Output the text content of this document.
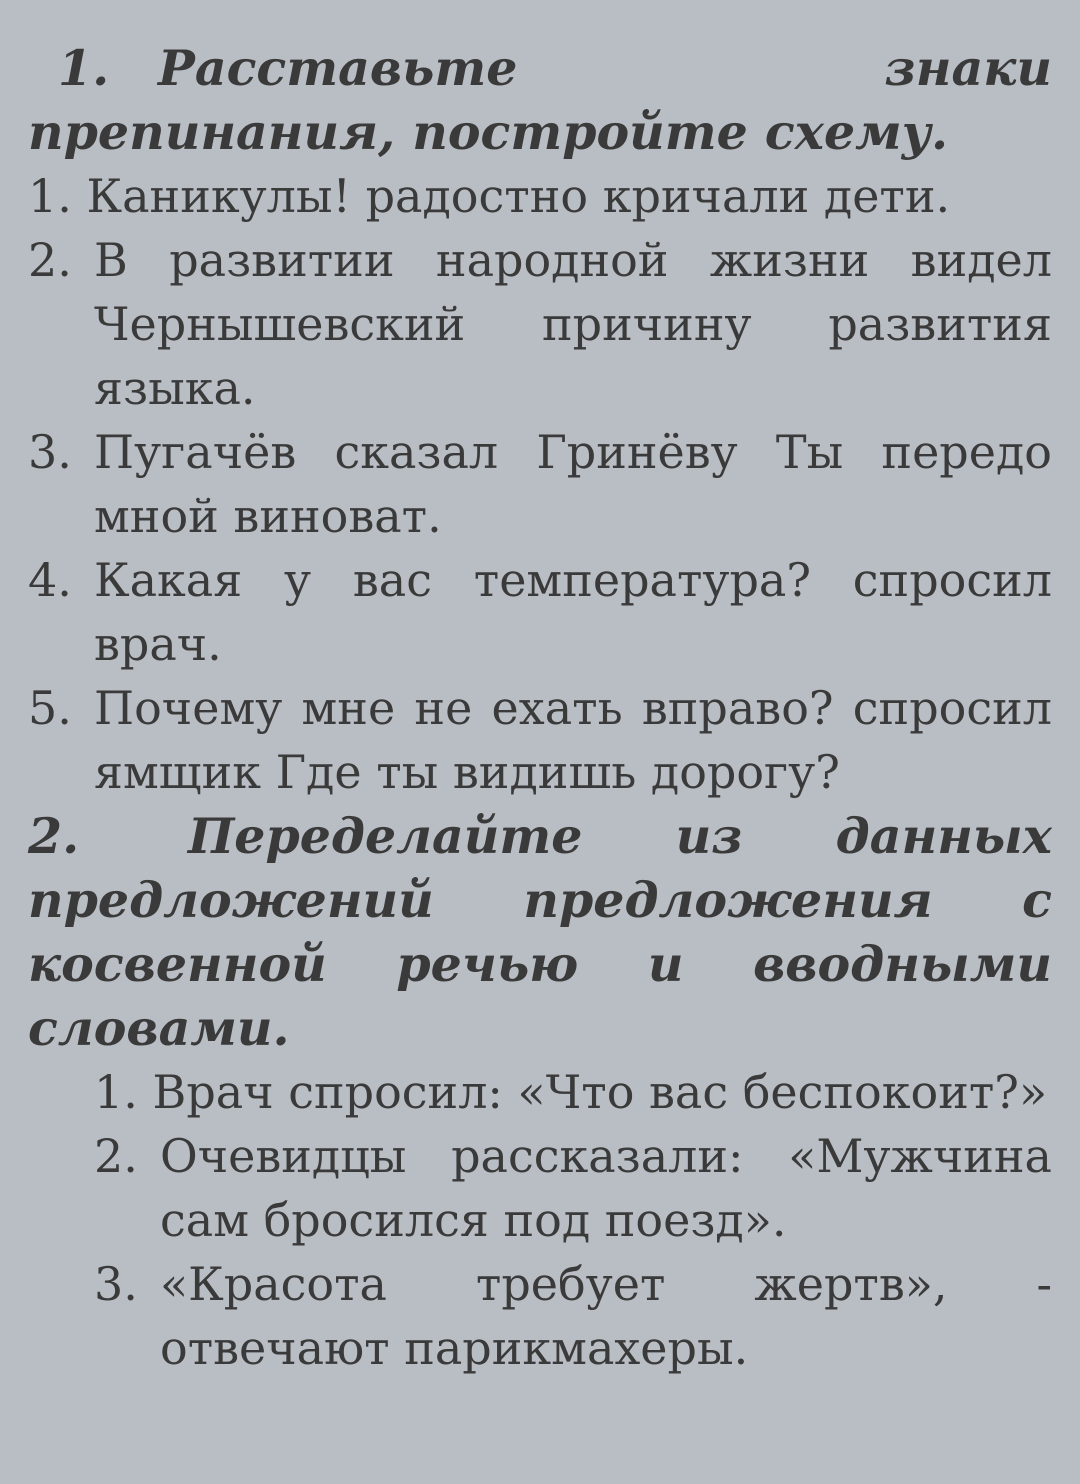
1. Расставьте знаки препинания, постройте схему.
1. Каникулы! радостно кричали дети.
2. В развитии народной жизни видел Чернышевский причину развития языка.
3. Пугачёв сказал Гринёву Ты передо мной виноват.
4. Какая у вас температура? спросил врач.
5. Почему мне не ехать вправо? спросил ямщик Где ты видишь дорогу?
2. Переделайте из данных предложений предложения с косвенной речью и вводными словами.
1. Врач спросил: «Что вас беспокоит?»
2. Очевидцы рассказали: «Мужчина сам бросился под поезд».
3. «Красота требует жертв», - отвечают парикмахеры.
